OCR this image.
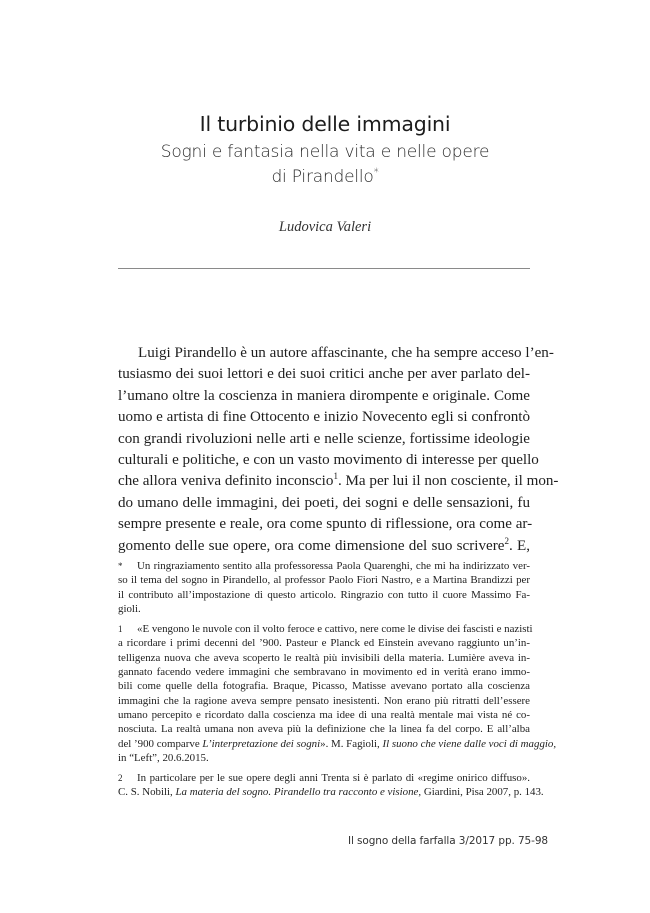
Il turbinio delle immagini
Sogni e fantasia nella vita e nelle opere
di Pirandello*
Ludovica Valeri
Luigi Pirandello è un autore affascinante, che ha sempre acceso l’en-
tusiasmo dei suoi lettori e dei suoi critici anche per aver parlato del-
l’umano oltre la coscienza in maniera dirompente e originale. Come
uomo e artista di fine Ottocento e inizio Novecento egli si confrontò
con grandi rivoluzioni nelle arti e nelle scienze, fortissime ideologie
culturali e politiche, e con un vasto movimento di interesse per quello
che allora veniva definito inconscio$^1$. Ma per lui il non cosciente, il mon-
do umano delle immagini, dei poeti, dei sogni e delle sensazioni, fu
sempre presente e reale, ora come spunto di riflessione, ora come ar-
gomento delle sue opere, ora come dimensione del suo scrivere$^2$. E,
*	Un ringraziamento sentito alla professoressa Paola Quarenghi, che mi ha indirizzato ver-
so il tema del sogno in Pirandello, al professor Paolo Fiori Nastro, e a Martina Brandizzi per
il contributo all’impostazione di questo articolo. Ringrazio con tutto il cuore Massimo Fa-
gioli.
1	«E vengono le nuvole con il volto feroce e cattivo, nere come le divise dei fascisti e nazisti
a ricordare i primi decenni del ’900. Pasteur e Planck ed Einstein avevano raggiunto un’in-
telligenza nuova che aveva scoperto le realtà più invisibili della materia. Lumière aveva in-
gannato facendo vedere immagini che sembravano in movimento ed in verità erano immo-
bili come quelle della fotografia. Braque, Picasso, Matisse avevano portato alla coscienza
immagini che la ragione aveva sempre pensato inesistenti. Non erano più ritratti dell’essere
umano percepito e ricordato dalla coscienza ma idee di una realtà mentale mai vista né co-
nosciuta. La realtà umana non aveva più la definizione che la linea fa del corpo. E all’alba
del ’900 comparve L’interpretazione dei sogni». M. Fagioli, Il suono che viene dalle voci di maggio,
in “Left”, 20.6.2015.
2	In particolare per le sue opere degli anni Trenta si è parlato di «regime onirico diffuso».
C. S. Nobili, La materia del sogno. Pirandello tra racconto e visione, Giardini, Pisa 2007, p. 143.
Il sogno della farfalla 3/2017 pp. 75-98
